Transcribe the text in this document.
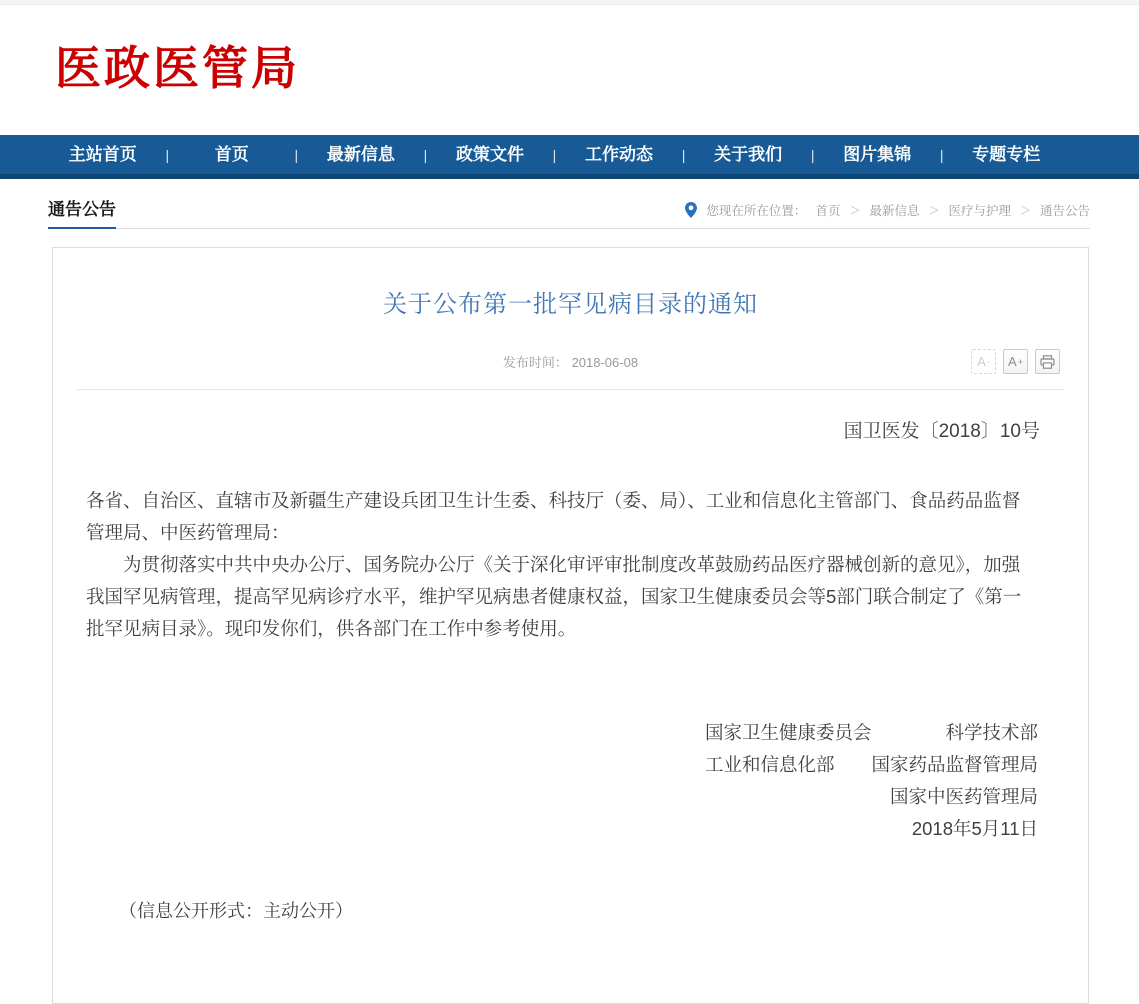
医政医管局
主站首页	|	首页	|	最新信息	|	政策文件	|	工作动态	|	关于我们	|	图片集锦	|	专题专栏
通告公告	您现在所在位置： 首页 ＞ 最新信息 ＞ 医疗与护理 ＞ 通告公告
关于公布第一批罕见病目录的通知
发布时间： 2018-06-08	A - A +
国卫医发〔2018〕10号

各省、自治区、直辖市及新疆生产建设兵团卫生计生委、科技厅（委、局）、工业和信息化主管部门、食品药品监督管理局、中医药管理局：

为贯彻落实中共中央办公厅、国务院办公厅《关于深化审评审批制度改革鼓励药品医疗器械创新的意见》，加强我国罕见病管理，提高罕见病诊疗水平，维护罕见病患者健康权益，国家卫生健康委员会等5部门联合制定了《第一批罕见病目录》。现印发你们，供各部门在工作中参考使用。

国家卫生健康委员会　　　　科学技术部
工业和信息化部　　国家药品监督管理局
国家中医药管理局
2018年5月11日
（信息公开形式：主动公开）
